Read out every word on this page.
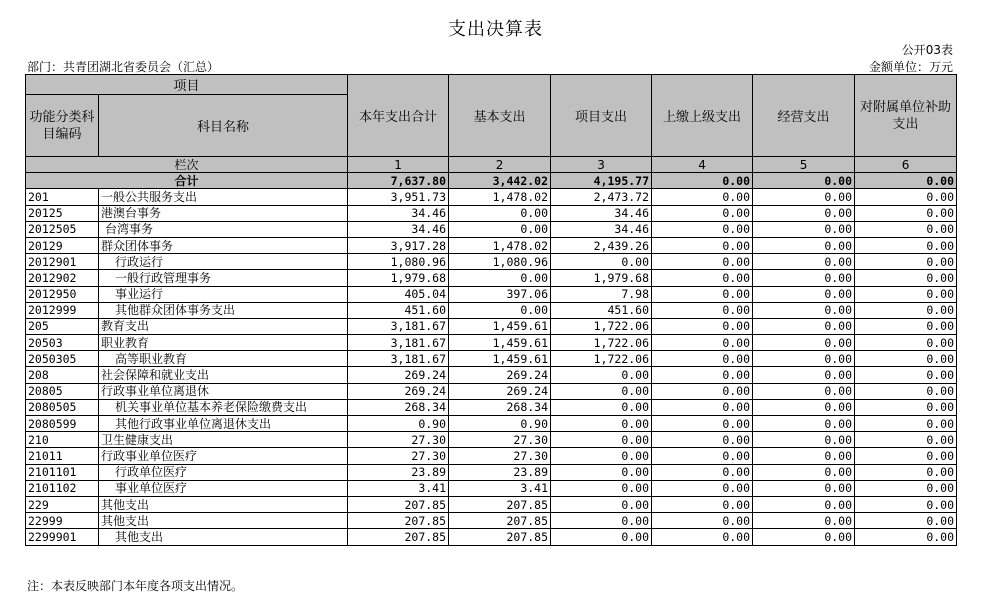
支出决算表
公开03表
部门：共青团湖北省委员会（汇总）	金额单位：万元
项目		本年支出合计	基本支出	项目支出	上缴上级支出	经营支出	对附属单位补助支出
功能分类科目编码	科目名称						
栏次		1	2	3	4	5	6
合计		7,637.80	3,442.02	4,195.77	0.00	0.00	0.00
201	一般公共服务支出	3,951.73	1,478.02	2,473.72	0.00	0.00	0.00
20125	港澳台事务	34.46	0.00	34.46	0.00	0.00	0.00
2012505	台湾事务	34.46	0.00	34.46	0.00	0.00	0.00
20129	群众团体事务	3,917.28	1,478.02	2,439.26	0.00	0.00	0.00
2012901	行政运行	1,080.96	1,080.96	0.00	0.00	0.00	0.00
2012902	一般行政管理事务	1,979.68	0.00	1,979.68	0.00	0.00	0.00
2012950	事业运行	405.04	397.06	7.98	0.00	0.00	0.00
2012999	其他群众团体事务支出	451.60	0.00	451.60	0.00	0.00	0.00
205	教育支出	3,181.67	1,459.61	1,722.06	0.00	0.00	0.00
20503	职业教育	3,181.67	1,459.61	1,722.06	0.00	0.00	0.00
2050305	高等职业教育	3,181.67	1,459.61	1,722.06	0.00	0.00	0.00
208	社会保障和就业支出	269.24	269.24	0.00	0.00	0.00	0.00
20805	行政事业单位离退休	269.24	269.24	0.00	0.00	0.00	0.00
2080505	机关事业单位基本养老保险缴费支出	268.34	268.34	0.00	0.00	0.00	0.00
2080599	其他行政事业单位离退休支出	0.90	0.90	0.00	0.00	0.00	0.00
210	卫生健康支出	27.30	27.30	0.00	0.00	0.00	0.00
21011	行政事业单位医疗	27.30	27.30	0.00	0.00	0.00	0.00
2101101	行政单位医疗	23.89	23.89	0.00	0.00	0.00	0.00
2101102	事业单位医疗	3.41	3.41	0.00	0.00	0.00	0.00
229	其他支出	207.85	207.85	0.00	0.00	0.00	0.00
22999	其他支出	207.85	207.85	0.00	0.00	0.00	0.00
2299901	其他支出	207.85	207.85	0.00	0.00	0.00	0.00
注：本表反映部门本年度各项支出情况。
